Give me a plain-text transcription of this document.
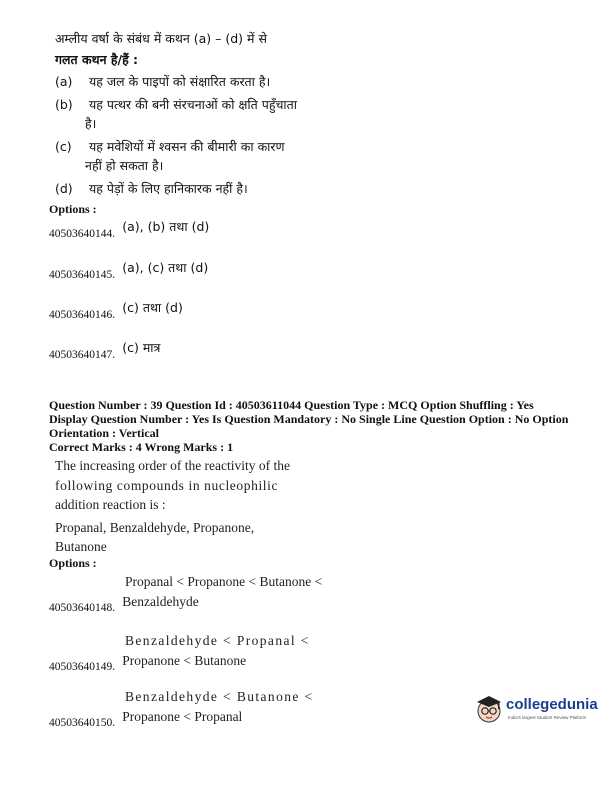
अम्लीय वर्षा के संबंध में कथन (a) – (d) में से
गलत कथन है/हैं :
(a) यह जल के पाइपों को संक्षारित करता है।
(b) यह पत्थर की बनी संरचनाओं को क्षति पहुँचाता
है।
(c) यह मवेशियों में श्वसन की बीमारी का कारण
नहीं हो सकता है।
(d) यह पेड़ों के लिए हानिकारक नहीं है।
Options :
40503640144. $^{(a), (b) तथा (d)}$
40503640145. $^{(a), (c) तथा (d)}$
40503640146. $^{(c) तथा (d)}$
40503640147. $^{(c) मात्र}$
Question Number : 39 Question Id : 40503611044 Question Type : MCQ Option Shuffling : Yes
Display Question Number : Yes Is Question Mandatory : No Single Line Question Option : No Option
Orientation : Vertical
Correct Marks : 4 Wrong Marks : 1
The increasing order of the reactivity of the
following compounds in nucleophilic
addition reaction is :
Propanal, Benzaldehyde, Propanone,
Butanone
Options :
Propanal < Propanone < Butanone <
40503640148. $^{Benzaldehyde}$
Benzaldehyde < Propanal <
40503640149. $^{Propanone < Butanone}$
Benzaldehyde < Butanone <
40503640150. $^{Propanone < Propanal}$
collegedunia
India's largest Student Review Platform
